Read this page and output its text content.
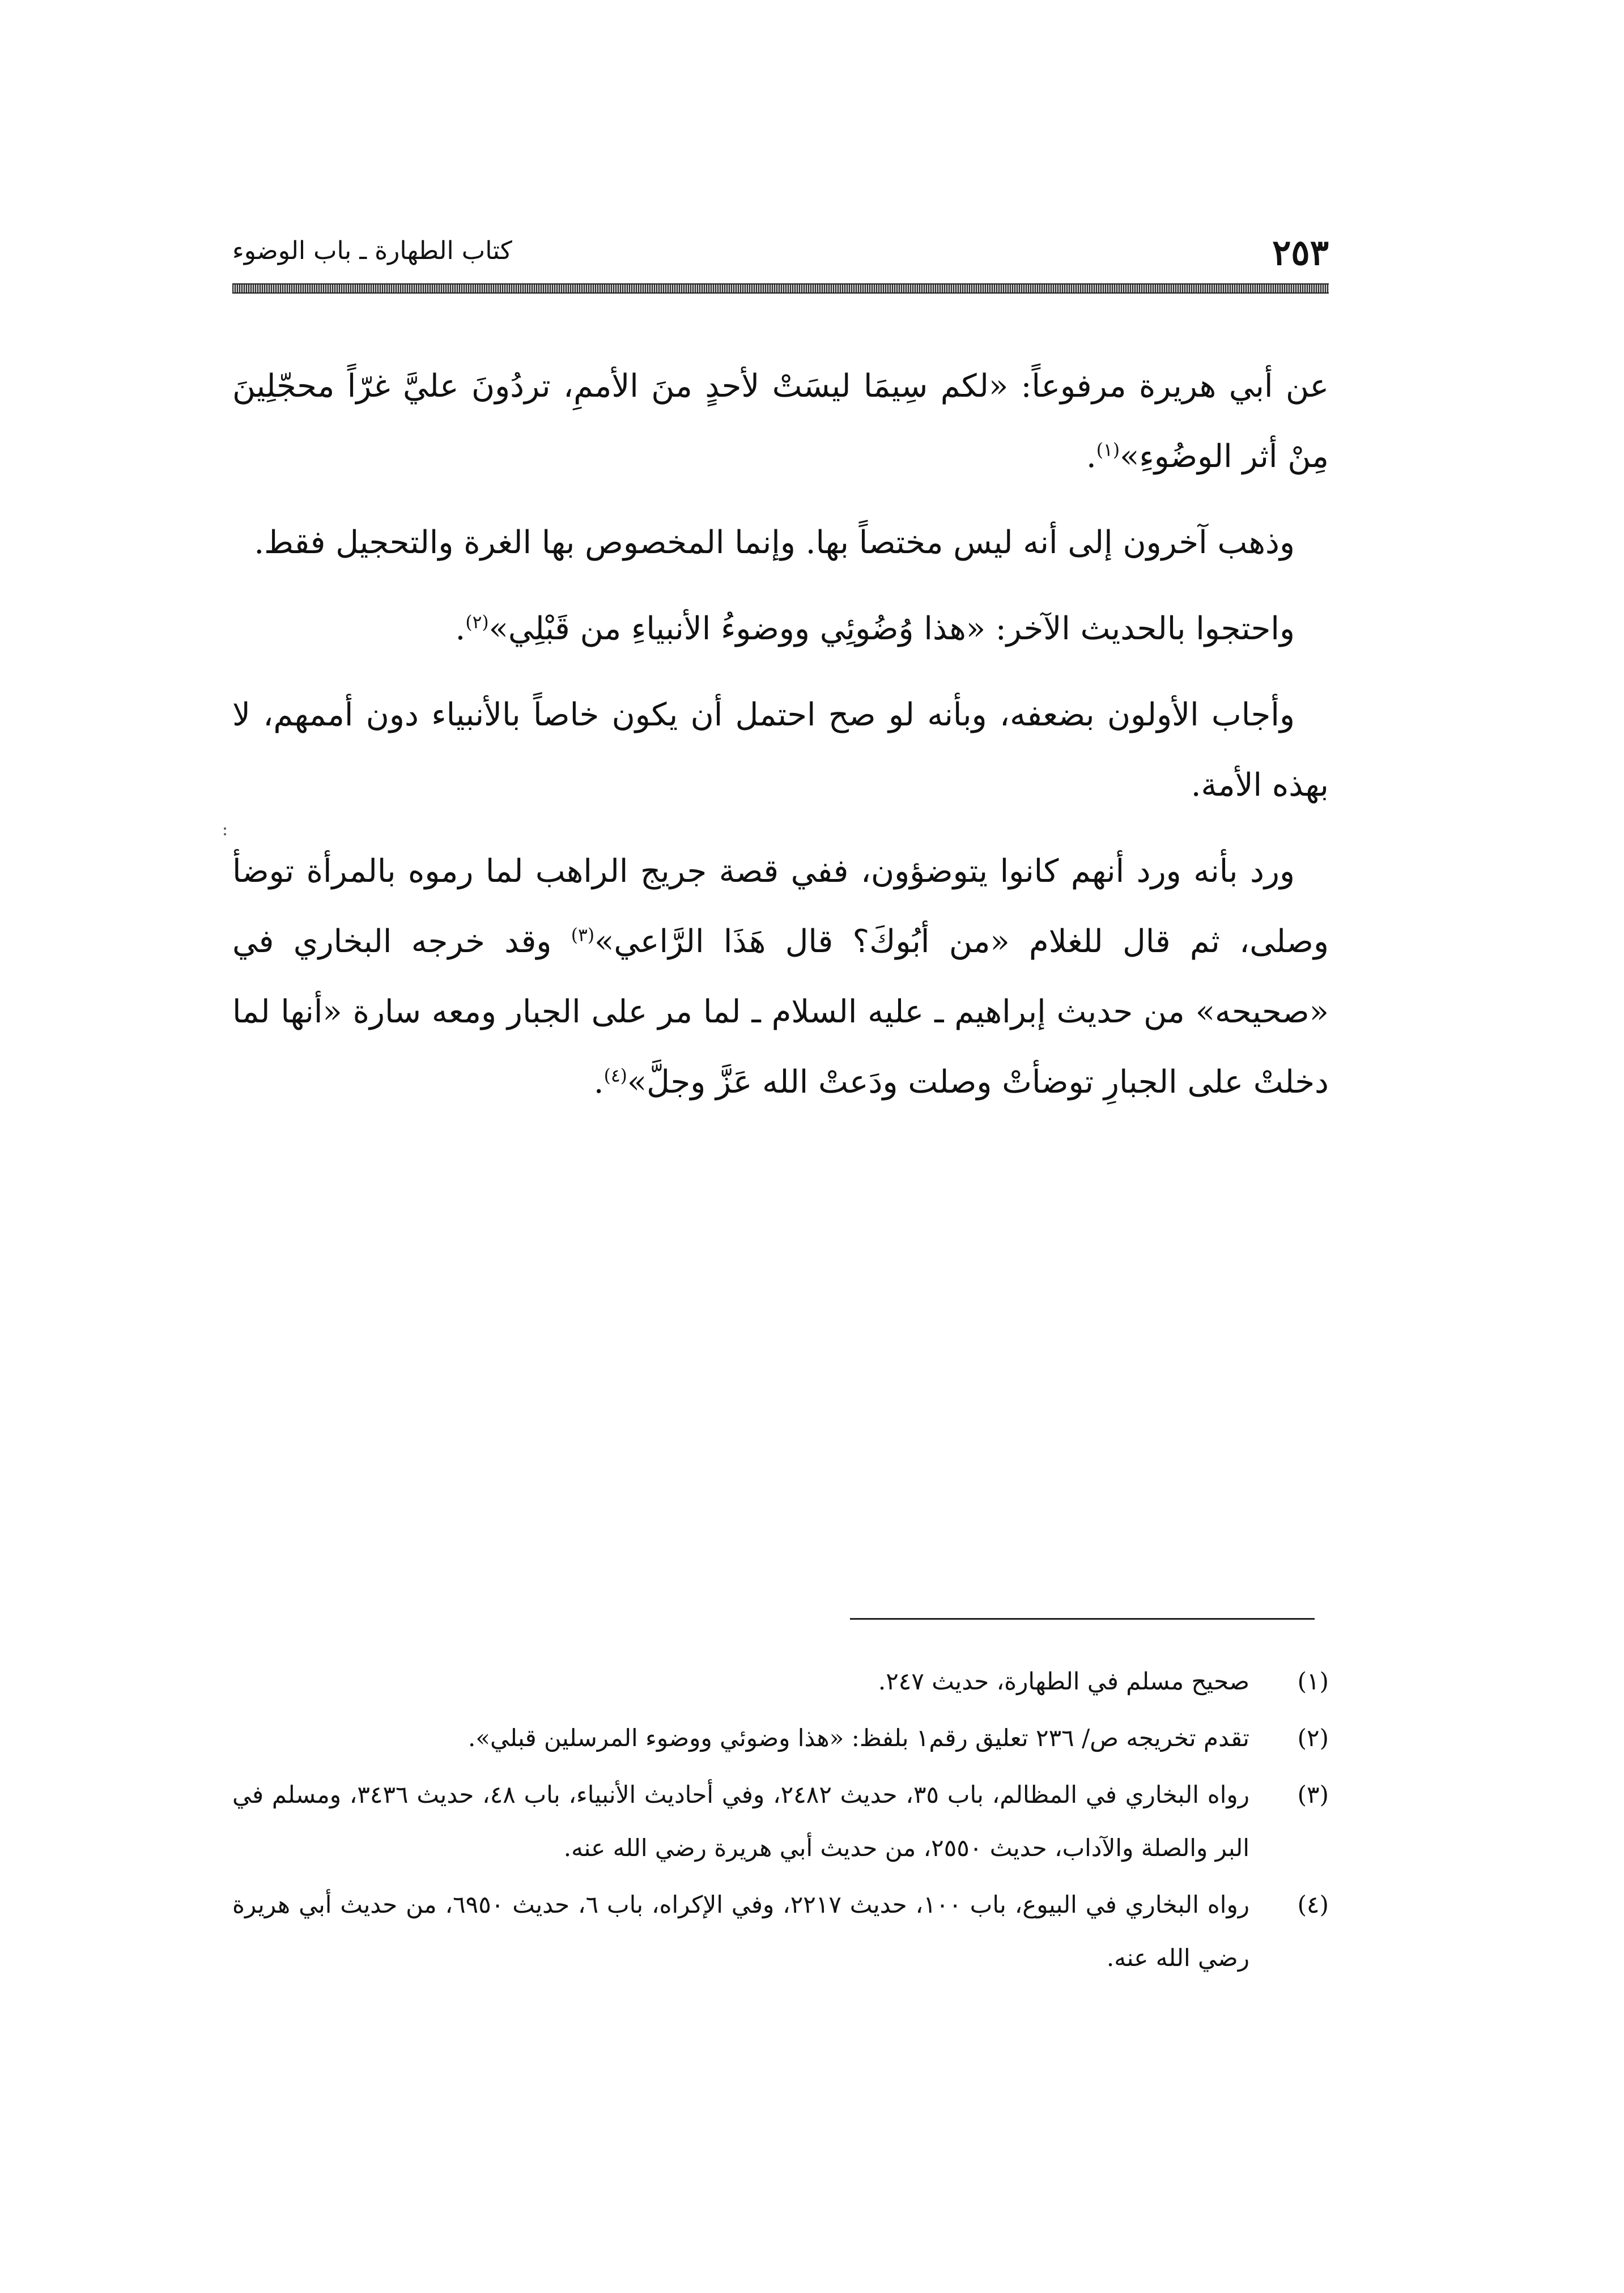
٢٥٣
كتاب الطهارة ـ باب الوضوء

عن أبي هريرة مرفوعاً: «لكم سِيمَا ليسَتْ لأحدٍ منَ الأممِ، تردُونَ عليَّ غرّاً محجّلِينَ مِنْ أثر الوضُوءِ»$^{(١)}$.

وذهب آخرون إلى أنه ليس مختصاً بها. وإنما المخصوص بها الغرة والتحجيل فقط.

واحتجوا بالحديث الآخر: «هذا وُضُوئِي ووضوءُ الأنبياءِ من قَبْلِي»$^{(٢)}$.

وأجاب الأولون بضعفه، وبأنه لو صح احتمل أن يكون خاصاً بالأنبياء دون أممهم، لا بهذه الأمة.

ورد بأنه ورد أنهم كانوا يتوضؤون، ففي قصة جريج الراهب لما رموه بالمرأة توضأ وصلى، ثم قال للغلام «من أبُوكَ؟ قال هَذَا الرَّاعي»$^{(٣)}$ وقد خرجه البخاري في «صحيحه» من حديث إبراهيم ـ عليه السلام ـ لما مر على الجبار ومعه سارة «أنها لما دخلتْ على الجبارِ توضأتْ وصلت ودَعتْ الله عَزَّ وجلَّ»$^{(٤)}$.

(١)
صحيح مسلم في الطهارة، حديث ٢٤٧.
(٢)
تقدم تخريجه ص/ ٢٣٦ تعليق رقم١ بلفظ: «هذا وضوئي ووضوء المرسلين قبلي».
(٣)
رواه البخاري في المظالم، باب ٣٥، حديث ٢٤٨٢، وفي أحاديث الأنبياء، باب ٤٨، حديث ٣٤٣٦، ومسلم في البر والصلة والآداب، حديث ٢٥٥٠، من حديث أبي هريرة رضي الله عنه.
(٤)
رواه البخاري في البيوع، باب ١٠٠، حديث ٢٢١٧، وفي الإكراه، باب ٦، حديث ٦٩٥٠، من حديث أبي هريرة رضي الله عنه.
